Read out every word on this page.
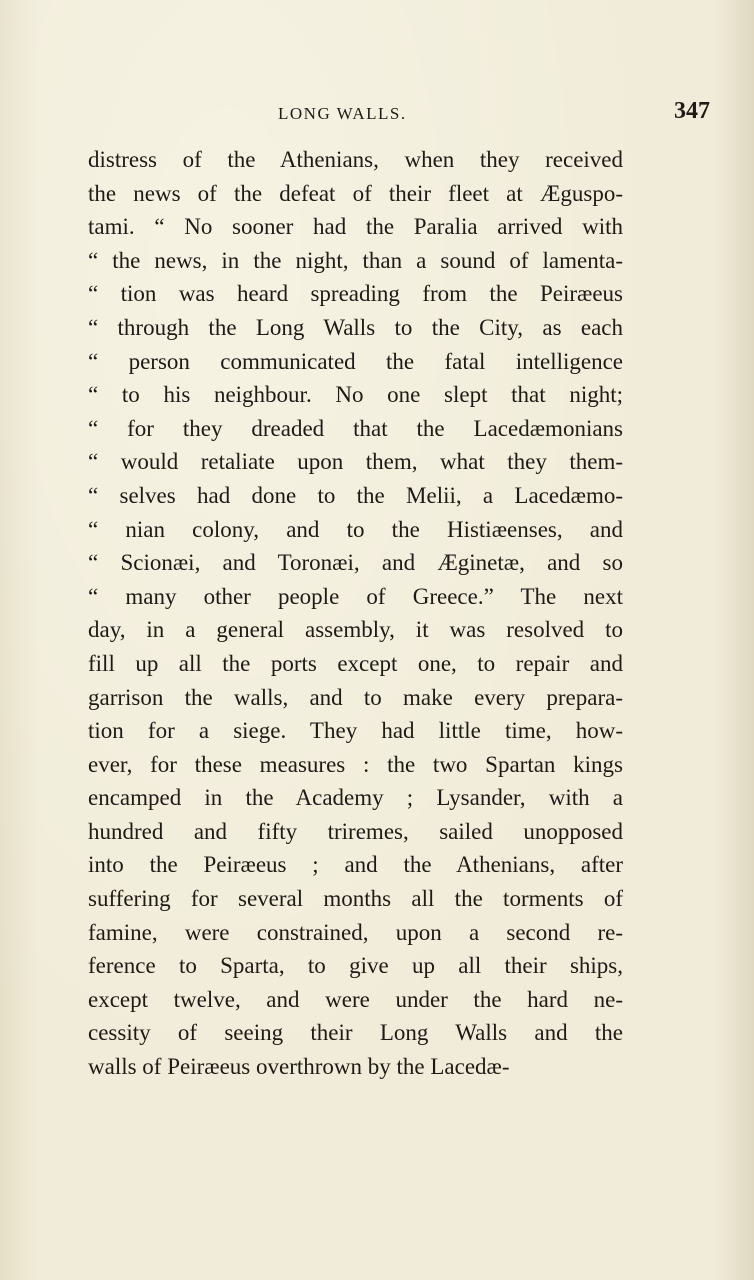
LONG WALLS.	347
distress of the Athenians, when they received
the news of the defeat of their fleet at Æguspo-
tami. “ No sooner had the Paralia arrived with
“ the news, in the night, than a sound of lamenta-
“ tion was heard spreading from the Peiræeus
“ through the Long Walls to the City, as each
“ person communicated the fatal intelligence
“ to his neighbour. No one slept that night;
“ for they dreaded that the Lacedæmonians
“ would retaliate upon them, what they them-
“ selves had done to the Melii, a Lacedæmo-
“ nian colony, and to the Histiæenses, and
“ Scionæi, and Toronæi, and Æginetæ, and so
“ many other people of Greece.” The next
day, in a general assembly, it was resolved to
fill up all the ports except one, to repair and
garrison the walls, and to make every prepara-
tion for a siege. They had little time, how-
ever, for these measures : the two Spartan kings
encamped in the Academy ; Lysander, with a
hundred and fifty triremes, sailed unopposed
into the Peiræeus ; and the Athenians, after
suffering for several months all the torments of
famine, were constrained, upon a second re-
ference to Sparta, to give up all their ships,
except twelve, and were under the hard ne-
cessity of seeing their Long Walls and the
walls of Peiræeus overthrown by the Lacedæ-
